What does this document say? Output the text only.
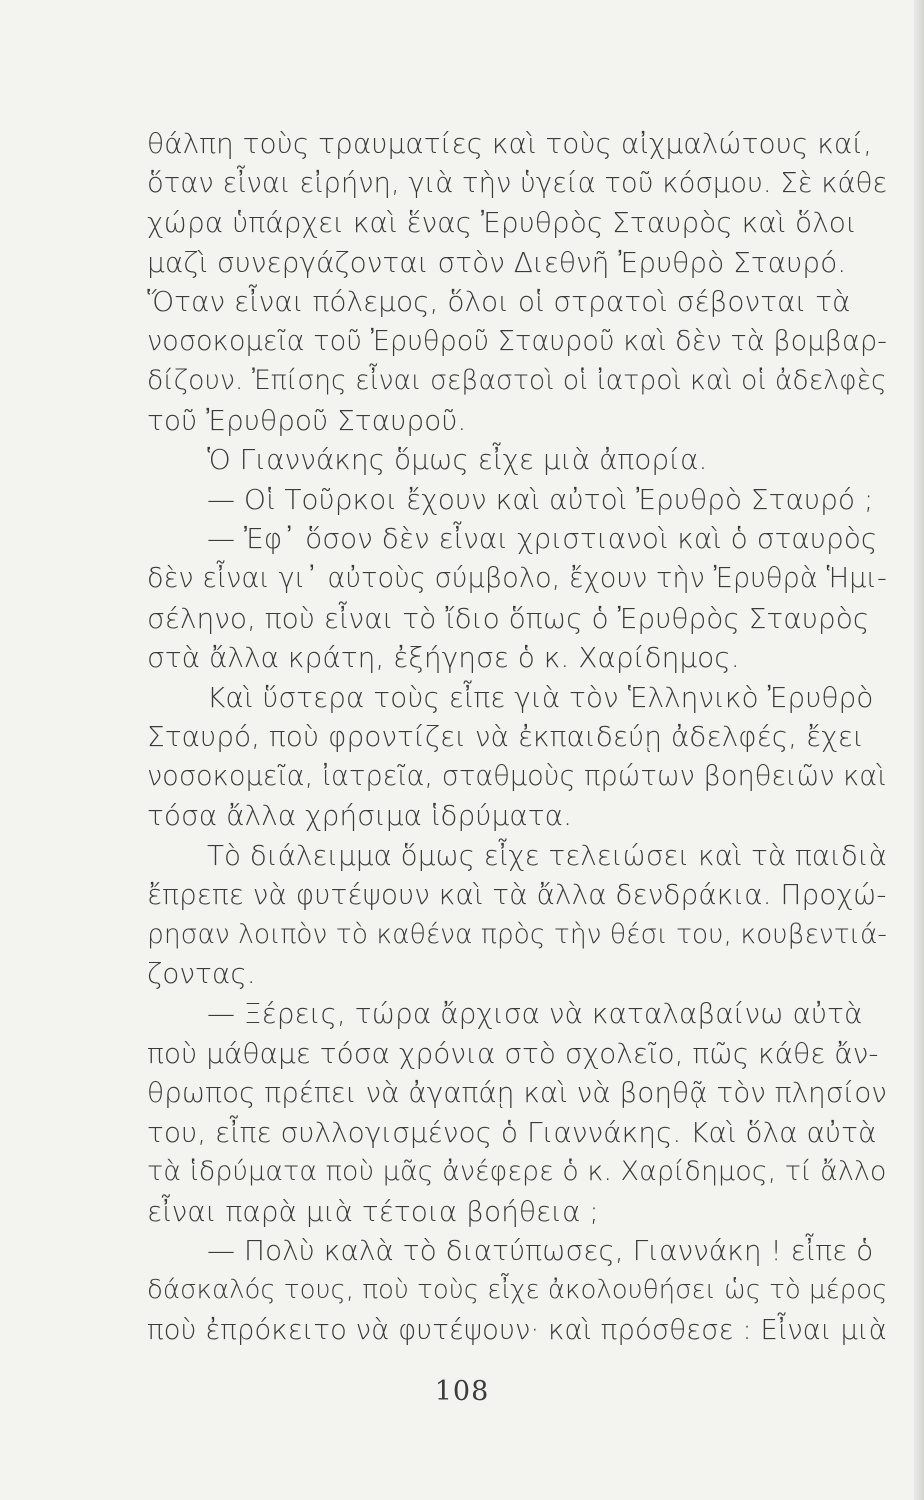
θάλπη τοὺς τραυματίες καὶ τοὺς αἰχμαλώτους καί,
ὅταν εἶναι εἰρήνη, γιὰ τὴν ὑγεία τοῦ κόσμου. Σὲ κάθε
χώρα ὑπάρχει καὶ ἕνας Ἐρυθρὸς Σταυρὸς καὶ ὅλοι
μαζὶ συνεργάζονται στὸν Διεθνῆ Ἐρυθρὸ Σταυρό.
Ὅταν εἶναι πόλεμος, ὅλοι οἱ στρατοὶ σέβονται τὰ
νοσοκομεῖα τοῦ Ἐρυθροῦ Σταυροῦ καὶ δὲν τὰ βομβαρ-
δίζουν. Ἐπίσης εἶναι σεβαστοὶ οἱ ἰατροὶ καὶ οἱ ἀδελφὲς
τοῦ Ἐρυθροῦ Σταυροῦ.
Ὁ Γιαννάκης ὅμως εἶχε μιὰ ἀπορία.
— Οἱ Τοῦρκοι ἔχουν καὶ αὐτοὶ Ἐρυθρὸ Σταυρό ;
— Ἐφ᾽ ὅσον δὲν εἶναι χριστιανοὶ καὶ ὁ σταυρὸς
δὲν εἶναι γι᾽ αὐτοὺς σύμβολο, ἔχουν τὴν Ἐρυθρὰ Ἡμι-
σέληνο, ποὺ εἶναι τὸ ἴδιο ὅπως ὁ Ἐρυθρὸς Σταυρὸς
στὰ ἄλλα κράτη, ἐξήγησε ὁ κ. Χαρίδημος.
Καὶ ὕστερα τοὺς εἶπε γιὰ τὸν Ἑλληνικὸ Ἐρυθρὸ
Σταυρό, ποὺ φροντίζει νὰ ἐκπαιδεύῃ ἀδελφές, ἔχει
νοσοκομεῖα, ἰατρεῖα, σταθμοὺς πρώτων βοηθειῶν καὶ
τόσα ἄλλα χρήσιμα ἱδρύματα.
Τὸ διάλειμμα ὅμως εἶχε τελειώσει καὶ τὰ παιδιὰ
ἔπρεπε νὰ φυτέψουν καὶ τὰ ἄλλα δενδράκια. Προχώ-
ρησαν λοιπὸν τὸ καθένα πρὸς τὴν θέσι του, κουβεντιά-
ζοντας.
— Ξέρεις, τώρα ἄρχισα νὰ καταλαβαίνω αὐτὰ
ποὺ μάθαμε τόσα χρόνια στὸ σχολεῖο, πῶς κάθε ἄν-
θρωπος πρέπει νὰ ἀγαπάῃ καὶ νὰ βοηθᾷ τὸν πλησίον
του, εἶπε συλλογισμένος ὁ Γιαννάκης. Καὶ ὅλα αὐτὰ
τὰ ἱδρύματα ποὺ μᾶς ἀνέφερε ὁ κ. Χαρίδημος, τί ἄλλο
εἶναι παρὰ μιὰ τέτοια βοήθεια ;
— Πολὺ καλὰ τὸ διατύπωσες, Γιαννάκη ! εἶπε ὁ
δάσκαλός τους, ποὺ τοὺς εἶχε ἀκολουθήσει ὡς τὸ μέρος
ποὺ ἐπρόκειτο νὰ φυτέψουν· καὶ πρόσθεσε : Εἶναι μιὰ
108
